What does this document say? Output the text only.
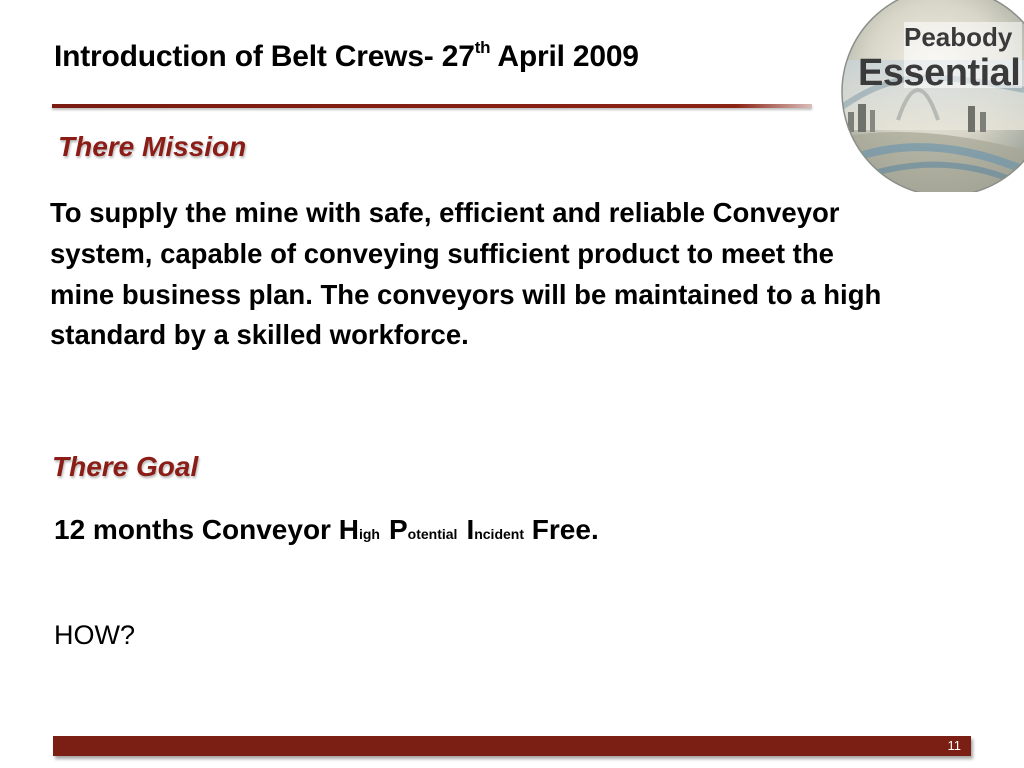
Introduction of Belt Crews- 27th April 2009
Peabody
Essential
There Mission
To supply the mine with safe, efficient and reliable Conveyor system, capable of conveying sufficient product to meet the mine business plan. The conveyors will be maintained to a high standard by a skilled workforce.
There Goal
12 months Conveyor High Potential Incident Free.
HOW?
11
